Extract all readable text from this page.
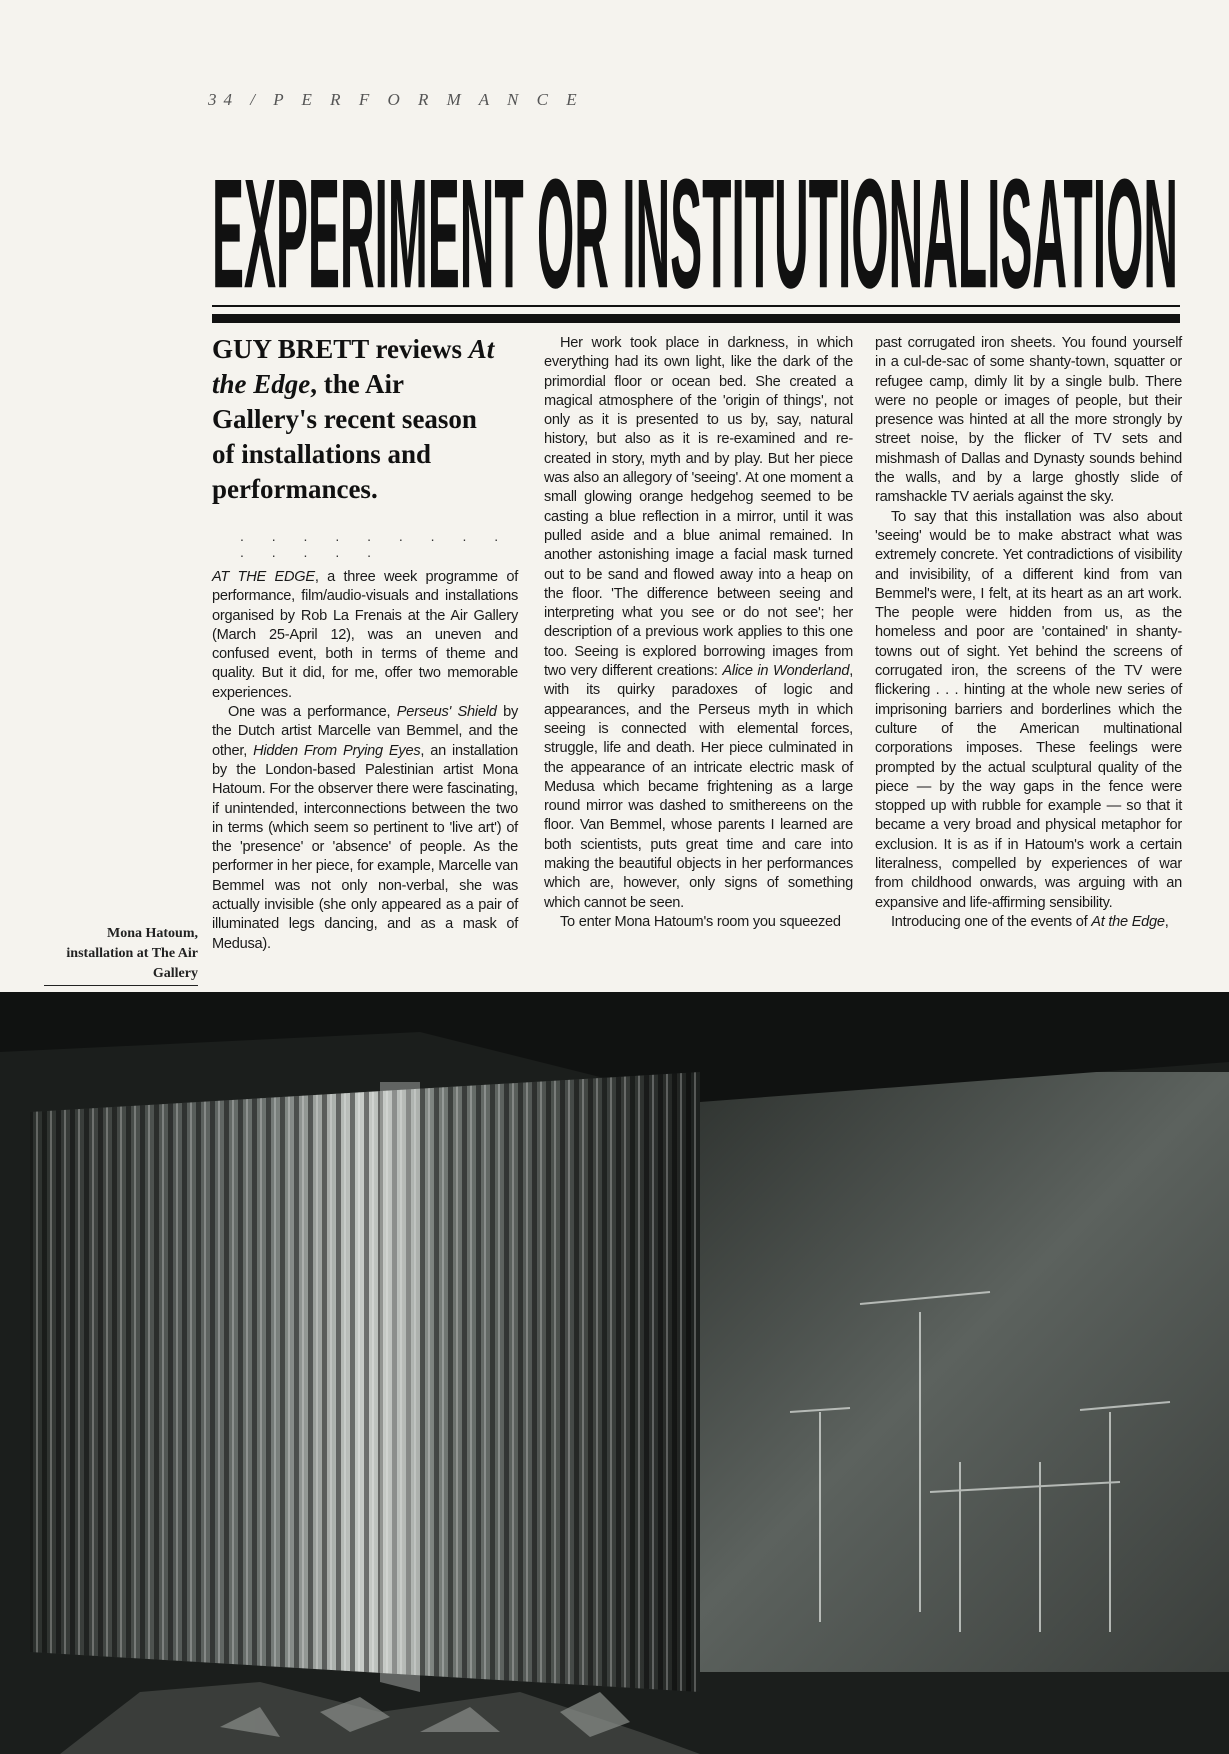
34 / P E R F O R M A N C E
EXPERIMENT OR INSTITUTIONALISATION
GUY BRETT reviews At the Edge, the Air Gallery's recent season of installations and performances.
. . . . . . . . . . . . . .

AT THE EDGE, a three week programme of performance, film/audio-visuals and installations organised by Rob La Frenais at the Air Gallery (March 25-April 12), was an uneven and confused event, both in terms of theme and quality. But it did, for me, offer two memorable experiences.

One was a performance, Perseus' Shield by the Dutch artist Marcelle van Bemmel, and the other, Hidden From Prying Eyes, an installation by the London-based Palestinian artist Mona Hatoum. For the observer there were fascinating, if unintended, interconnections between the two in terms (which seem so pertinent to 'live art') of the 'presence' or 'absence' of people. As the performer in her piece, for example, Marcelle van Bemmel was not only non-verbal, she was actually invisible (she only appeared as a pair of illuminated legs dancing, and as a mask of Medusa).

Her work took place in darkness, in which everything had its own light, like the dark of the primordial floor or ocean bed. She created a magical atmosphere of the 'origin of things', not only as it is presented to us by, say, natural history, but also as it is re-examined and re-created in story, myth and by play. But her piece was also an allegory of 'seeing'. At one moment a small glowing orange hedgehog seemed to be casting a blue reflection in a mirror, until it was pulled aside and a blue animal remained. In another astonishing image a facial mask turned out to be sand and flowed away into a heap on the floor. 'The difference between seeing and interpreting what you see or do not see'; her description of a previous work applies to this one too. Seeing is explored borrowing images from two very different creations: Alice in Wonderland, with its quirky paradoxes of logic and appearances, and the Perseus myth in which seeing is connected with elemental forces, struggle, life and death. Her piece culminated in the appearance of an intricate electric mask of Medusa which became frightening as a large round mirror was dashed to smithereens on the floor. Van Bemmel, whose parents I learned are both scientists, puts great time and care into making the beautiful objects in her performances which are, however, only signs of something which cannot be seen.

To enter Mona Hatoum's room you squeezed

past corrugated iron sheets. You found yourself in a cul-de-sac of some shanty-town, squatter or refugee camp, dimly lit by a single bulb. There were no people or images of people, but their presence was hinted at all the more strongly by street noise, by the flicker of TV sets and mishmash of Dallas and Dynasty sounds behind the walls, and by a large ghostly slide of ramshackle TV aerials against the sky.

To say that this installation was also about 'seeing' would be to make abstract what was extremely concrete. Yet contradictions of visibility and invisibility, of a different kind from van Bemmel's were, I felt, at its heart as an art work. The people were hidden from us, as the homeless and poor are 'contained' in shanty-towns out of sight. Yet behind the screens of corrugated iron, the screens of the TV were flickering . . . hinting at the whole new series of imprisoning barriers and borderlines which the culture of the American multinational corporations imposes. These feelings were prompted by the actual sculptural quality of the piece — by the way gaps in the fence were stopped up with rubble for example — so that it became a very broad and physical metaphor for exclusion. It is as if in Hatoum's work a certain literalness, compelled by experiences of war from childhood onwards, was arguing with an expansive and life-affirming sensibility.

Introducing one of the events of At the Edge,

Mona Hatoum, installation at The Air Gallery
